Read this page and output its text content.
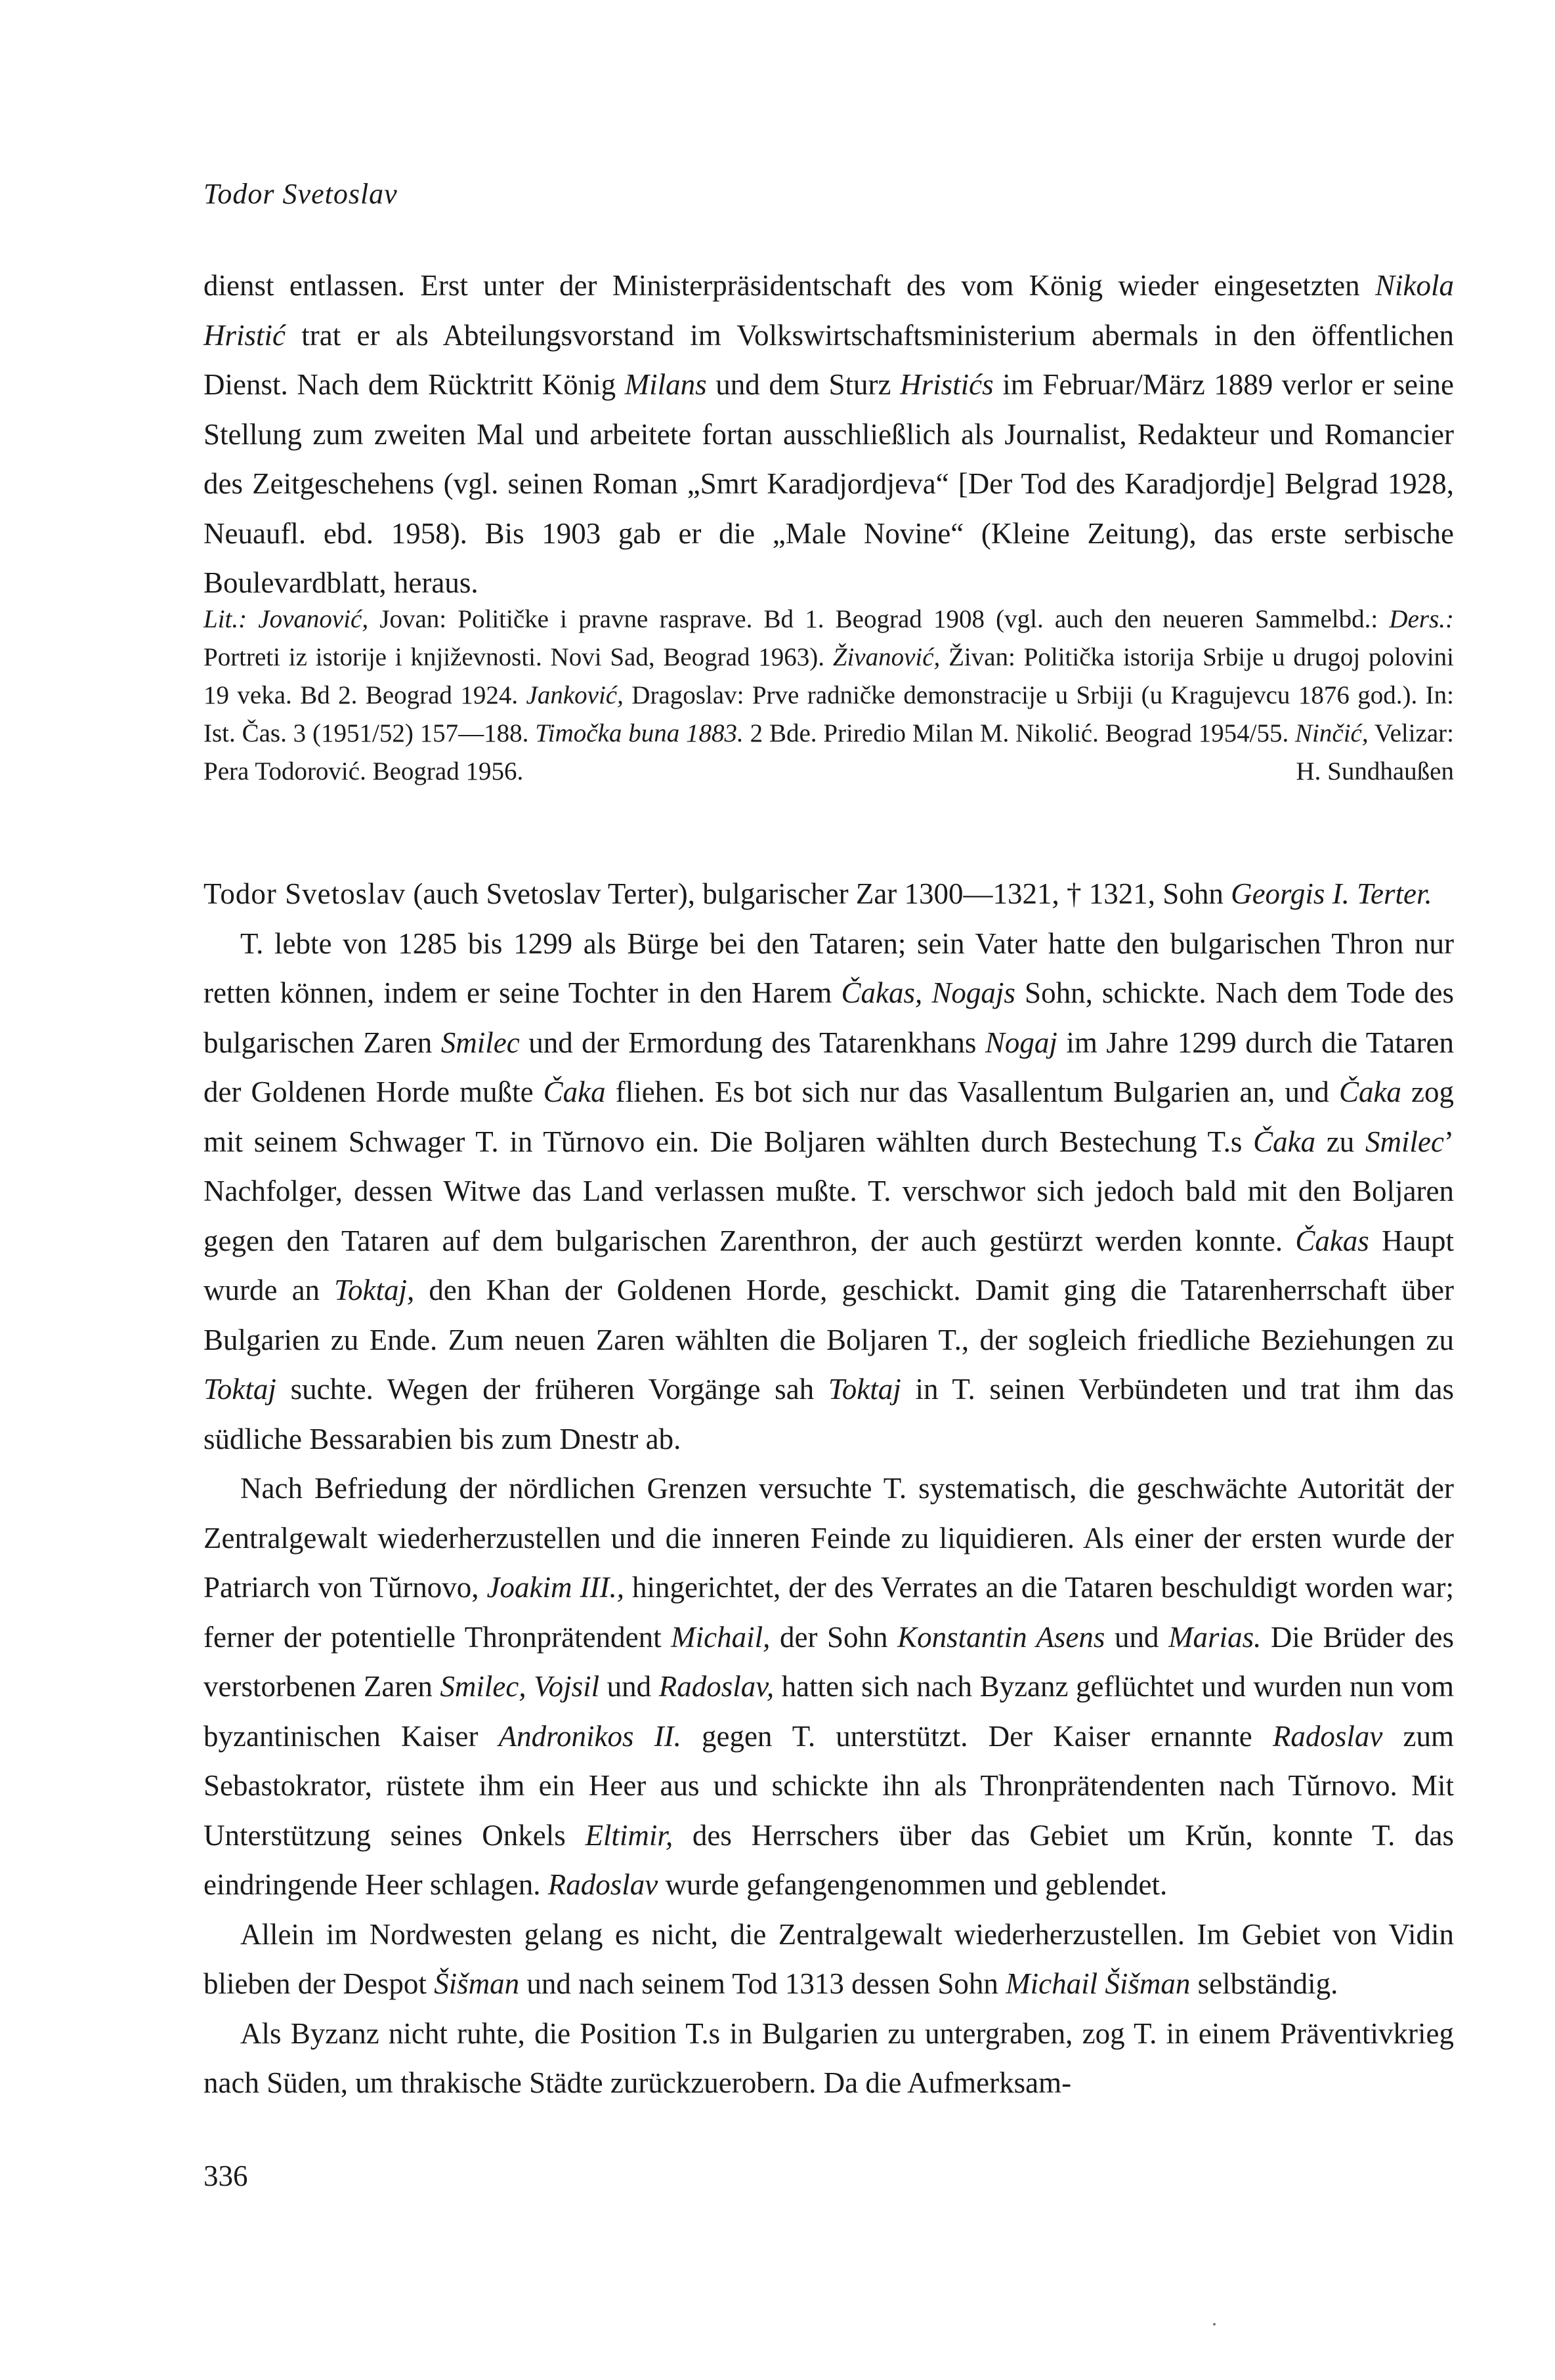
Todor Svetoslav

dienst entlassen. Erst unter der Ministerpräsidentschaft des vom König wieder eingesetzten Nikola Hristić trat er als Abteilungsvorstand im Volkswirtschaftsministerium abermals in den öffentlichen Dienst. Nach dem Rücktritt König Milans und dem Sturz Hristićs im Februar/März 1889 verlor er seine Stellung zum zweiten Mal und arbeitete fortan ausschließlich als Journalist, Redakteur und Romancier des Zeitgeschehens (vgl. seinen Roman „Smrt Karadjordjeva“ [Der Tod des Karadjordje] Belgrad 1928, Neuaufl. ebd. 1958). Bis 1903 gab er die „Male Novine“ (Kleine Zeitung), das erste serbische Boulevardblatt, heraus.

Lit.: Jovanović, Jovan: Političke i pravne rasprave. Bd 1. Beograd 1908 (vgl. auch den neueren Sammelbd.: Ders.: Portreti iz istorije i književnosti. Novi Sad, Beograd 1963). Živanović, Živan: Politička istorija Srbije u drugoj polovini 19 veka. Bd 2. Beograd 1924. Janković, Dragoslav: Prve radničke demonstracije u Srbiji (u Kragujevcu 1876 god.). In: Ist. Čas. 3 (1951/52) 157—188. Timočka buna 1883. 2 Bde. Priredio Milan M. Nikolić. Beograd 1954/55. Ninčić, Velizar: Pera Todorović. Beograd 1956.	H. Sundhaußen

Todor Svetoslav (auch Svetoslav Terter), bulgarischer Zar 1300—1321, † 1321, Sohn Georgis I. Terter.

T. lebte von 1285 bis 1299 als Bürge bei den Tataren; sein Vater hatte den bulgarischen Thron nur retten können, indem er seine Tochter in den Harem Čakas, Nogajs Sohn, schickte. Nach dem Tode des bulgarischen Zaren Smilec und der Ermordung des Tatarenkhans Nogaj im Jahre 1299 durch die Tataren der Goldenen Horde mußte Čaka fliehen. Es bot sich nur das Vasallentum Bulgarien an, und Čaka zog mit seinem Schwager T. in Tŭrnovo ein. Die Boljaren wählten durch Bestechung T.s Čaka zu Smilec’ Nachfolger, dessen Witwe das Land verlassen mußte. T. verschwor sich jedoch bald mit den Boljaren gegen den Tataren auf dem bulgarischen Zarenthron, der auch gestürzt werden konnte. Čakas Haupt wurde an Toktaj, den Khan der Goldenen Horde, geschickt. Damit ging die Tatarenherrschaft über Bulgarien zu Ende. Zum neuen Zaren wählten die Boljaren T., der sogleich friedliche Beziehungen zu Toktaj suchte. Wegen der früheren Vorgänge sah Toktaj in T. seinen Verbündeten und trat ihm das südliche Bessarabien bis zum Dnestr ab.

Nach Befriedung der nördlichen Grenzen versuchte T. systematisch, die geschwächte Autorität der Zentralgewalt wiederherzustellen und die inneren Feinde zu liquidieren. Als einer der ersten wurde der Patriarch von Tŭrnovo, Joakim III., hingerichtet, der des Verrates an die Tataren beschuldigt worden war; ferner der potentielle Thronprätendent Michail, der Sohn Konstantin Asens und Marias. Die Brüder des verstorbenen Zaren Smilec, Vojsil und Radoslav, hatten sich nach Byzanz geflüchtet und wurden nun vom byzantinischen Kaiser Andronikos II. gegen T. unterstützt. Der Kaiser ernannte Radoslav zum Sebastokrator, rüstete ihm ein Heer aus und schickte ihn als Thronprätendenten nach Tŭrnovo. Mit Unterstützung seines Onkels Eltimir, des Herrschers über das Gebiet um Krŭn, konnte T. das eindringende Heer schlagen. Radoslav wurde gefangengenommen und geblendet.

Allein im Nordwesten gelang es nicht, die Zentralgewalt wiederherzustellen. Im Gebiet von Vidin blieben der Despot Šišman und nach seinem Tod 1313 dessen Sohn Michail Šišman selbständig.

Als Byzanz nicht ruhte, die Position T.s in Bulgarien zu untergraben, zog T. in einem Präventivkrieg nach Süden, um thrakische Städte zurückzuerobern. Da die Aufmerksam-

336
